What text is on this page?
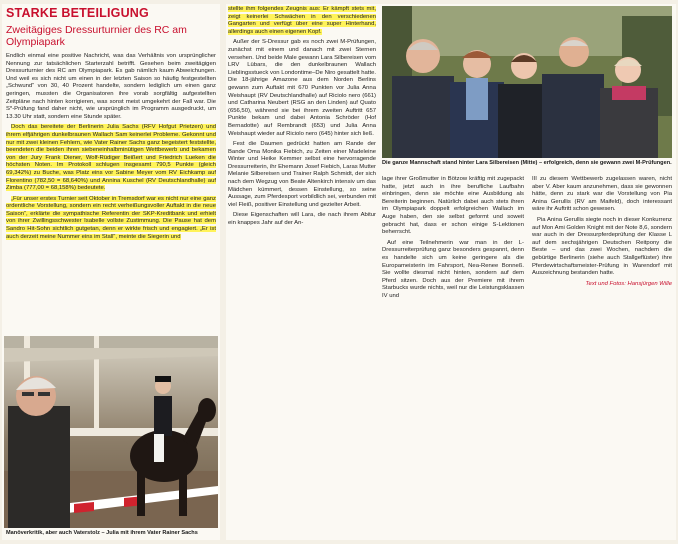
STARKE BETEILIGUNG
Zweitägiges Dressurturnier des RC am Olympiapark

Endlich einmal eine positive Nachricht, was das Verhältnis von ursprünglicher Nennung zur tatsächlichen Starterzahl betrifft. Gesehen beim zweitägigen Dressurturnier des RC am Olympiapark. Es gab nämlich kaum Abweichungen. Und weil es sich nicht um einen in der letzten Saison so häufig festgestellten „Schwund“ von 30, 40 Prozent handelte, sondern lediglich um einen ganz geringen, mussten die Organisatoren ihre vorab sorgfältig aufgestellten Zeitpläne nach hinten korrigieren, was sonst meist umgekehrt der Fall war. Die S*-Prüfung fand daher nicht, wie ursprünglich im Programm ausgedruckt, um 13.30 Uhr statt, sondern eine Stunde später.

Doch das bereitete der Berlinerin Julia Sachs (RFV Hofgut Prietzen) und ihrem elfjährigen dunkelbraunen Wallach Sam keinerlei Probleme. Gekonnt und nur mit zwei kleinen Fehlern, wie Vater Rainer Sachs ganz begeistert feststellte, beendeten die beiden ihren siebeneinhalbminütigen Wettbewerb und bekamen von der Jury Frank Diener, Wolf-Rüdiger Beißert und Friedrich Lueken die höchsten Noten. Im Protokoll schlugen insgesamt 790,5 Punkte (gleich 69,342%) zu Buche, was Platz eins vor Sabine Meyer vom RV Eichkamp auf Florentino (782,50 = 68,640%) und Annina Kuschel (RV Deutschlandhalle) auf Zimba (777,00 = 68,158%) bedeutete.

„Für unser erstes Turnier seit Oktober in Tremsdorf war es nicht nur eine ganz ordentliche Vorstellung, sondern ein recht verheißungsvoller Auftakt in die neue Saison“, erklärte die sympathische Referentin der SKP-Kreditbank und erhielt von ihrer Zwillingsschwester Isabelle vollste Zustimmung. Die Pause hat dem Sandro Hit-Sohn sichtlich gutgetan, denn er wirkte frisch und engagiert. „Er ist auch derzeit meine Nummer eins im Stall“, meinte die Siegerin und

Manöverkritik, aber auch Vaterstolz – Julia mit ihrem Vater Rainer Sachs

stellte ihm folgendes Zeugnis aus: Er kämpft stets mit, zeigt keinerlei Schwächen in den verschiedenen Gangarten und verfügt über eine super Hinterhand, allerdings auch einen eigenen Kopf.

Außer der S-Dressur gab es noch zwei M-Prüfungen, zunächst mit einem und danach mit zwei Sternen versehen. Und beide Male gewann Lara Silbereisen vom LRV Lübars, die den dunkelbraunen Wallach Lieblingsstueck von Londontime–De Niro gesattelt hatte. Die 18-jährige Amazone aus dem Norden Berlins gewann zum Auftakt mit 670 Punkten vor Julia Anna Weishaupt (RV Deutschlandhalle) auf Riciolo nero (661) und Catharina Neubert (RSG an den Linden) auf Quato (656,50), während sie bei ihrem zweiten Auftritt 657 Punkte bekam und dabei Antonia Schröder (Hof Bernadotte) auf Rembrandt (653) und Julia Anna Weishaupt wieder auf Riciolo nero (645) hinter sich ließ.

Fest die Daumen gedrückt hatten am Rande der Bande Oma Monika Fiebich, zu Zeiten einer Madeleine Winter und Heike Kemmer selbst eine hervorragende Dressurreiterin, ihr Ehemann Josef Fiebich, Laras Mutter Melanie Silbereisen und Trainer Ralph Schmidt, der sich nach dem Wegzug von Beate Altenkirch intensiv um das Mädchen kümmert, dessen Einstellung, so seine Aussage, zum Pferdesport vorbildlich sei, verbunden mit viel Fleiß, positiver Einstellung und gezielter Arbeit.

Diese Eigenschaften will Lara, die nach ihrem Abitur ein knappes Jahr auf der An-

Die ganze Mannschaft stand hinter Lara Silbereisen (Mitte) – erfolgreich, denn sie gewann zwei M-Prüfungen.

lage ihrer Großmutter in Bötzow kräftig mit zugepackt hatte, jetzt auch in ihre berufliche Laufbahn einbringen, denn sie möchte eine Ausbildung als Bereiterin beginnen. Natürlich dabei auch stets ihren im Olympiapark doppelt erfolgreichen Wallach im Auge haben, den sie selbst geformt und soweit gebracht hat, dass er schon einige S-Lektionen beherrscht.

Auf eine Teilnehmerin war man in der L-Dressurreiterprüfung ganz besonders gespannt, denn es handelte sich um keine geringere als die Europameisterin im Fahrsport, Nea-Renee Bonneß. Sie wollte diesmal nicht hinten, sondern auf dem Pferd sitzen. Doch aus der Premiere mit ihrem Starbucks wurde nichts, weil nur die Leistungsklassen IV und

III zu diesem Wettbewerb zugelassen waren, nicht aber V. Aber kaum anzunehmen, dass sie gewonnen hätte, denn zu stark war die Vorstellung von Pia Anina Gerullis (RV am Maifeld), doch interessant wäre ihr Auftritt schon gewesen.

Pia Anina Gerullis siegte noch in dieser Konkurrenz auf Mon Ami Golden Knight mit der Note 8,6, sondern war auch in der Dressurpferdeprüfung der Klasse L auf dem sechsjährigen Deutschen Reitpony die Beste – und das zwei Wochen, nachdem die gebürtige Berlinerin (siehe auch Stallgeflüster) ihre Pferdewirtschaftsmeister-Prüfung in Warendorf mit Auszeichnung bestanden hatte.

Text und Fotos: Hansjürgen Wille
